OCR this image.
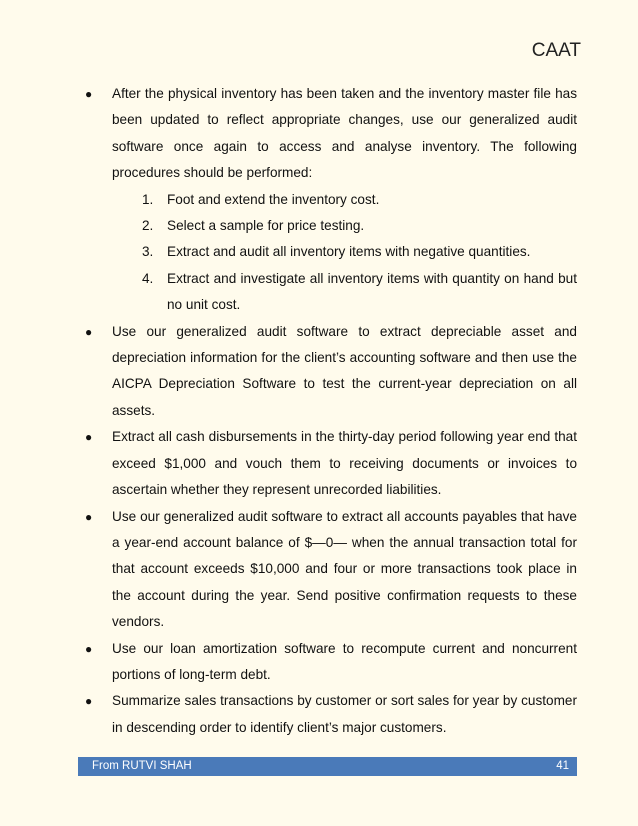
CAAT
● After the physical inventory has been taken and the inventory master file has been updated to reflect appropriate changes, use our generalized audit software once again to access and analyse inventory. The following procedures should be performed:
1. Foot and extend the inventory cost.
2. Select a sample for price testing.
3. Extract and audit all inventory items with negative quantities.
4. Extract and investigate all inventory items with quantity on hand but no unit cost.
● Use our generalized audit software to extract depreciable asset and depreciation information for the client’s accounting software and then use the AICPA Depreciation Software to test the current-year depreciation on all assets.
● Extract all cash disbursements in the thirty-day period following year end that exceed $1,000 and vouch them to receiving documents or invoices to ascertain whether they represent unrecorded liabilities.
● Use our generalized audit software to extract all accounts payables that have a year-end account balance of $—0— when the annual transaction total for that account exceeds $10,000 and four or more transactions took place in the account during the year. Send positive confirmation requests to these vendors.
● Use our loan amortization software to recompute current and noncurrent portions of long-term debt.
● Summarize sales transactions by customer or sort sales for year by customer in descending order to identify client’s major customers.
From RUTVI SHAH	41
